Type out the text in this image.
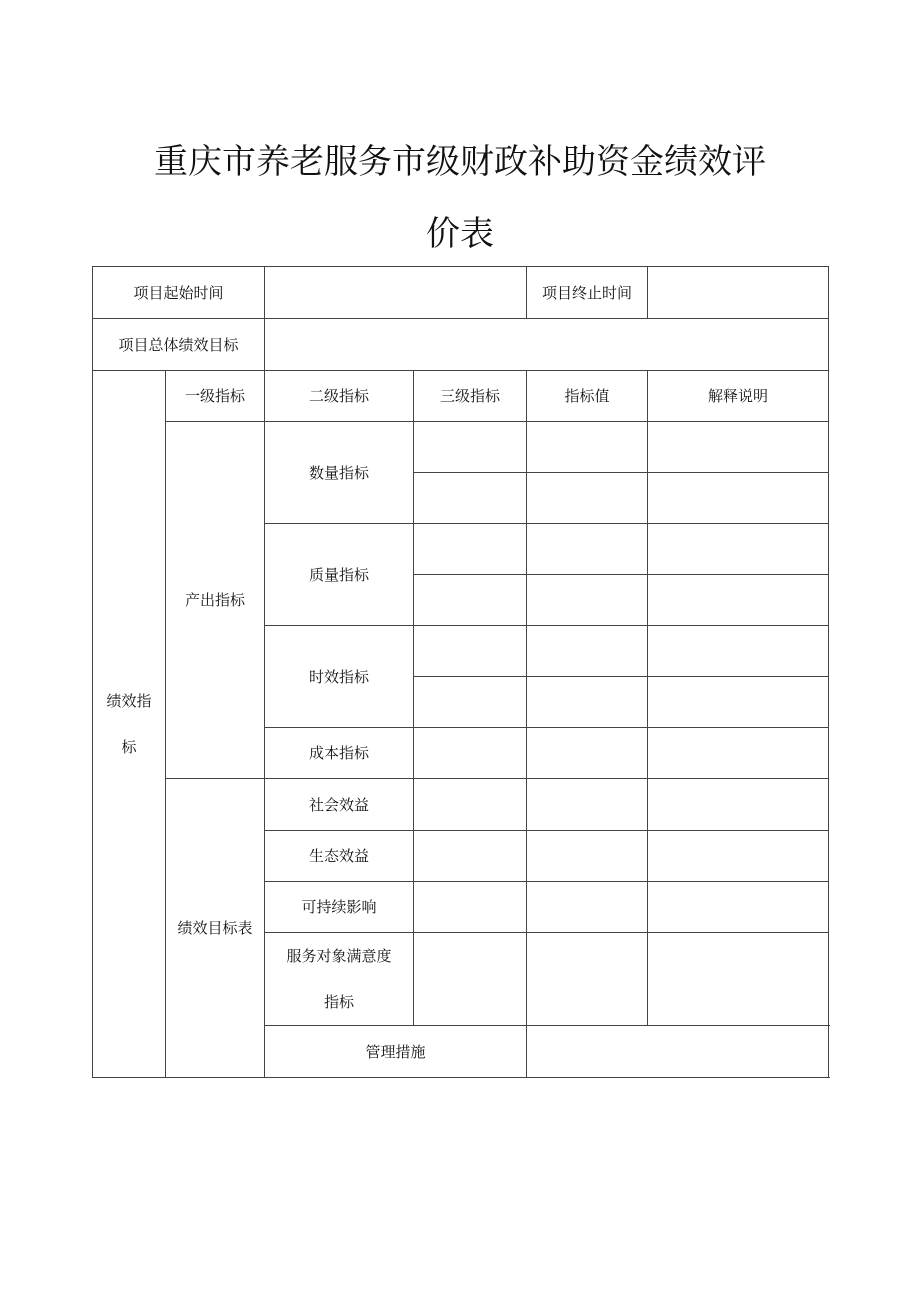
重庆市养老服务市级财政补助资金绩效评
价表
项目起始时间				项目终止时间	
项目总体绩效目标					

绩效指
标	一级指标	二级指标	三级指标	指标值	解释说明
	产出指标	数量指标			

		质量指标			

		时效指标			

		成本指标			
	绩效目标表	社会效益			
		生态效益			
		可持续影响			

		服务对象满意度
指标			

		管理措施			
